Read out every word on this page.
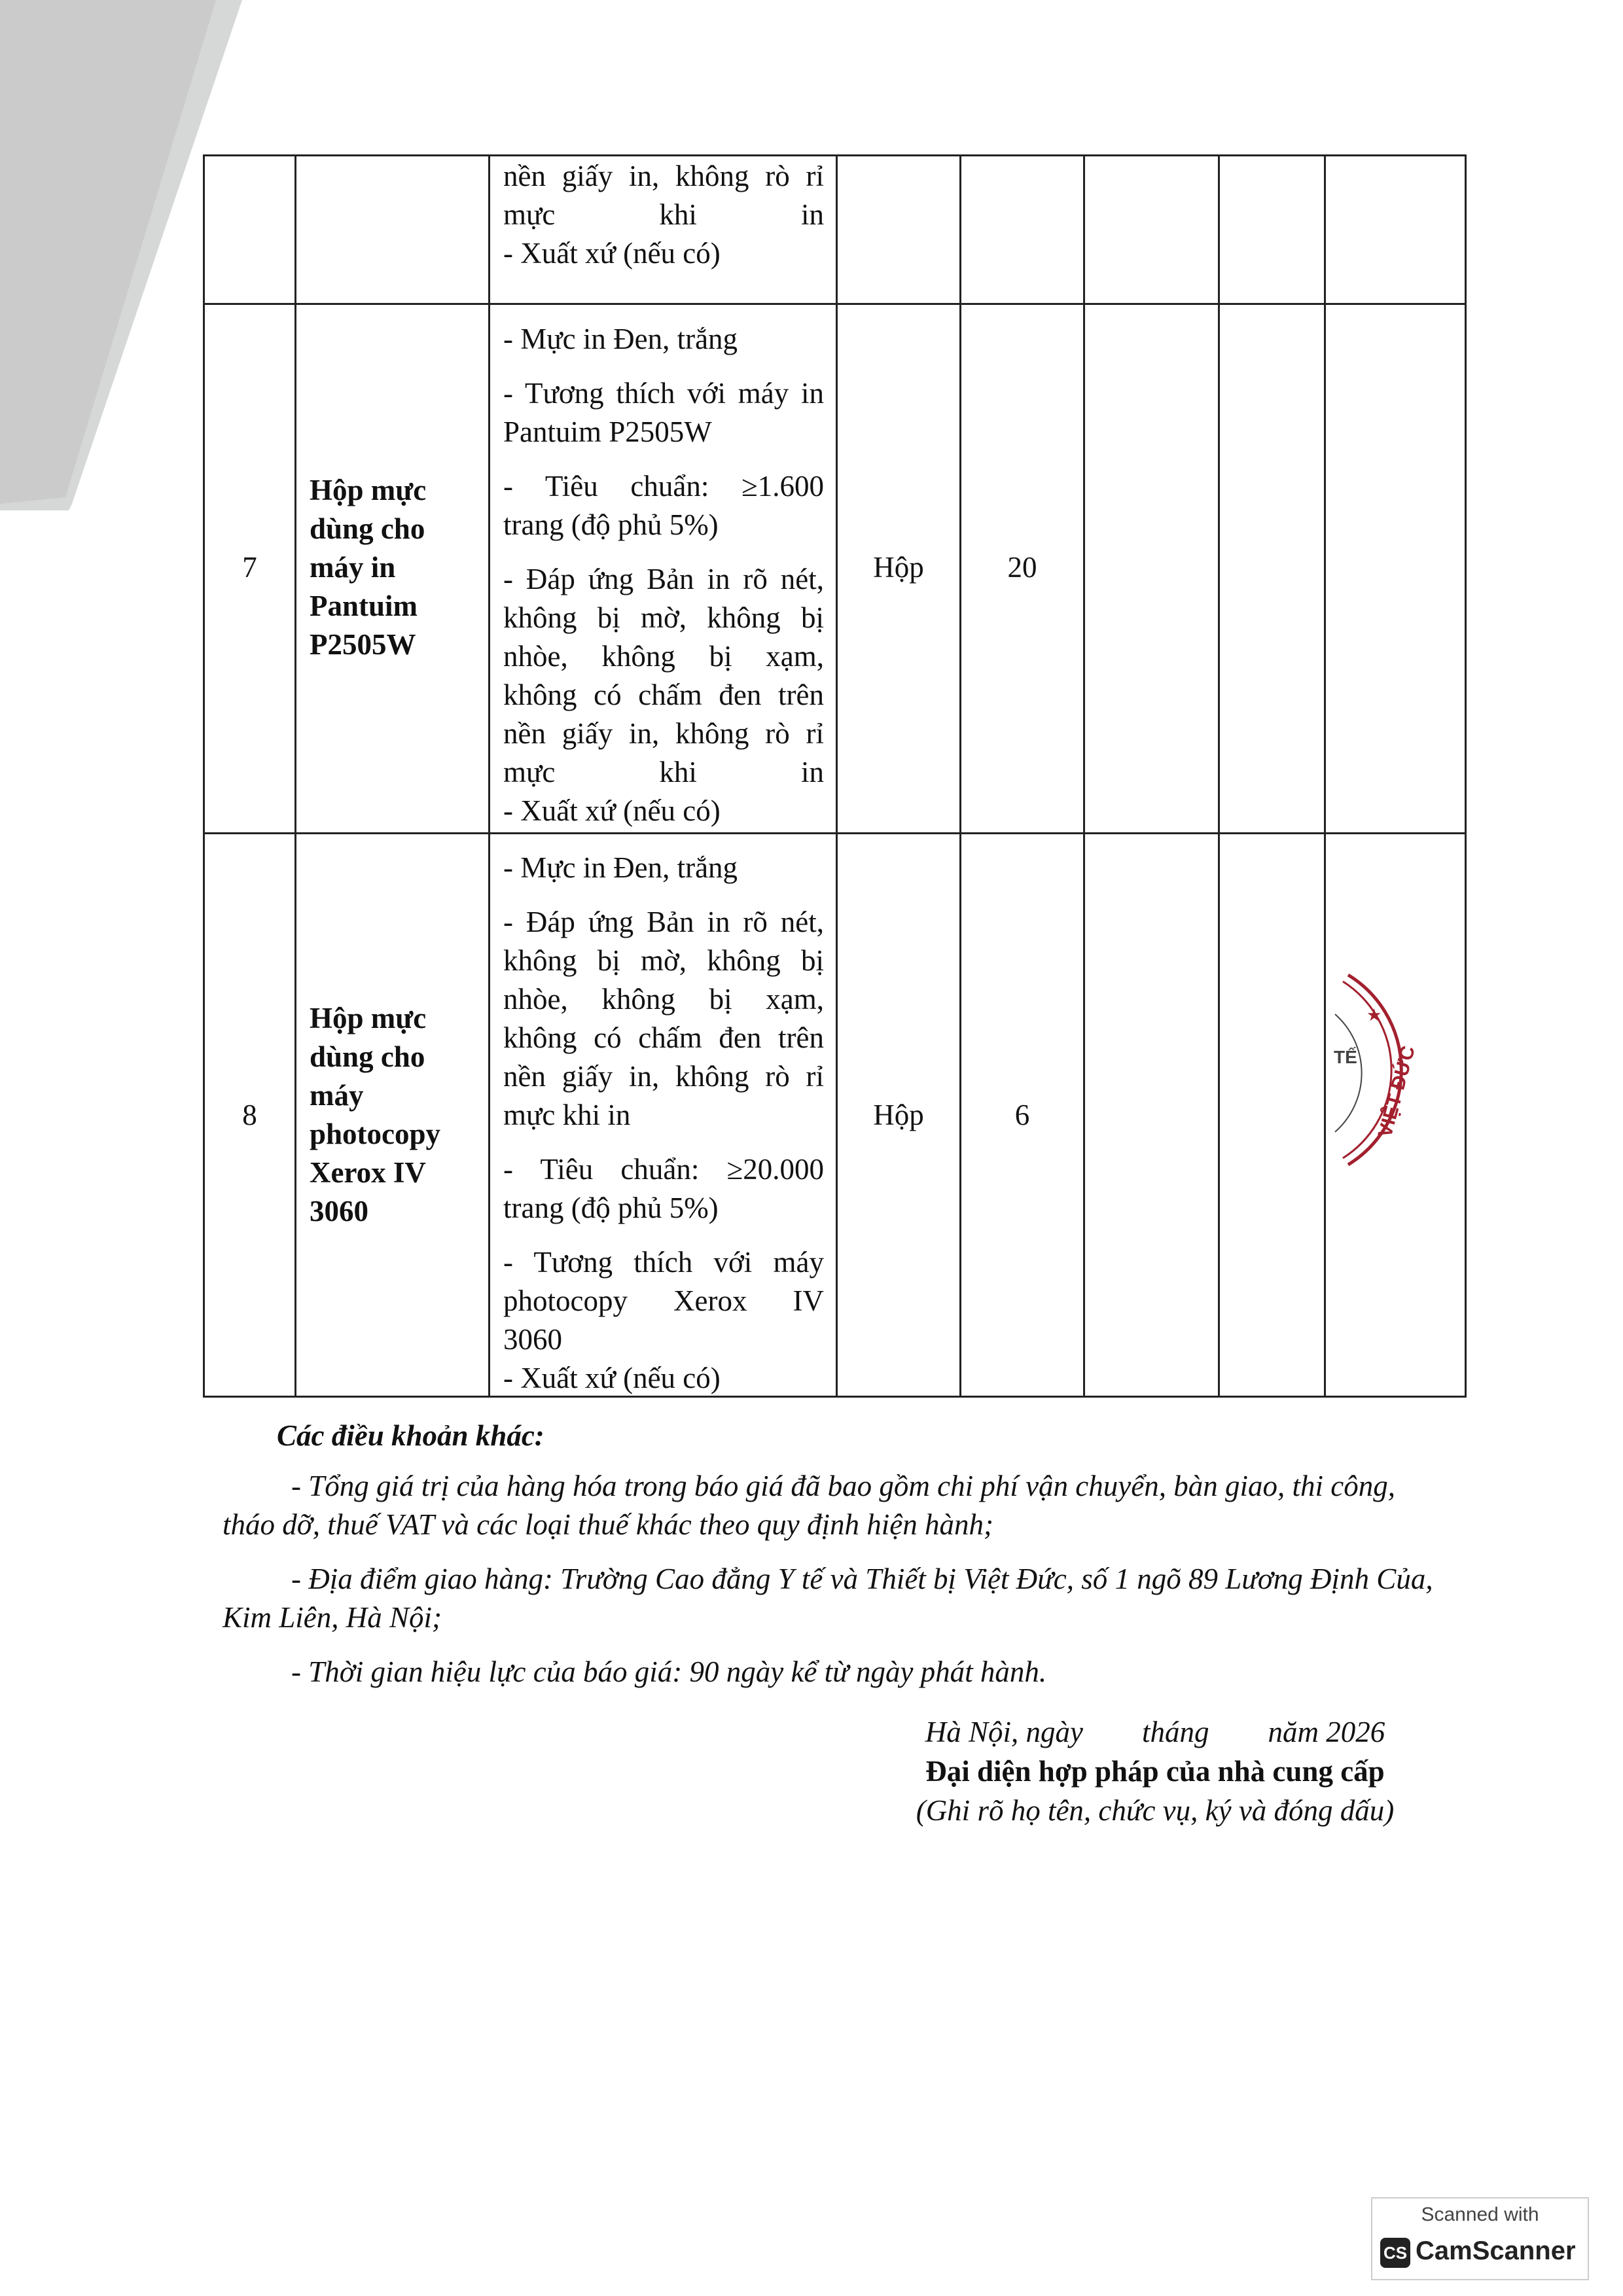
nền giấy in, không rò rỉ
mực khi in
- Xuất xứ (nếu có)
7
Hộp mực
dùng cho
máy in
Pantuim
P2505W
- Mực in Đen, trắng
- Tương thích với máy in
Pantuim P2505W
- Tiêu chuẩn: ≥1.600
trang (độ phủ 5%)
- Đáp ứng Bản in rõ nét,
không bị mờ, không bị
nhòe, không bị xạm,
không có chấm đen trên
nền giấy in, không rò rỉ
mực khi in
- Xuất xứ (nếu có)
Hộp	20
8
Hộp mực
dùng cho
máy
photocopy
Xerox IV
3060
- Mực in Đen, trắng
- Đáp ứng Bản in rõ nét,
không bị mờ, không bị
nhòe, không bị xạm,
không có chấm đen trên
nền giấy in, không rò rỉ
mực khi in
- Tiêu chuẩn: ≥20.000
trang (độ phủ 5%)
- Tương thích với máy
photocopy Xerox IV
3060
- Xuất xứ (nếu có)
Hộp	6
★
TẾ VIỆT ĐỨC

Các điều khoản khác:

- Tổng giá trị của hàng hóa trong báo giá đã bao gồm chi phí vận chuyển, bàn giao, thi công, tháo dỡ, thuế VAT và các loại thuế khác theo quy định hiện hành;

- Địa điểm giao hàng: Trường Cao đẳng Y tế và Thiết bị Việt Đức, số 1 ngõ 89 Lương Định Của, Kim Liên, Hà Nội;

- Thời gian hiệu lực của báo giá: 90 ngày kể từ ngày phát hành.

Hà Nội, ngày        tháng        năm 2026
Đại diện hợp pháp của nhà cung cấp
(Ghi rõ họ tên, chức vụ, ký và đóng dấu)
Scanned with
CS CamScanner
